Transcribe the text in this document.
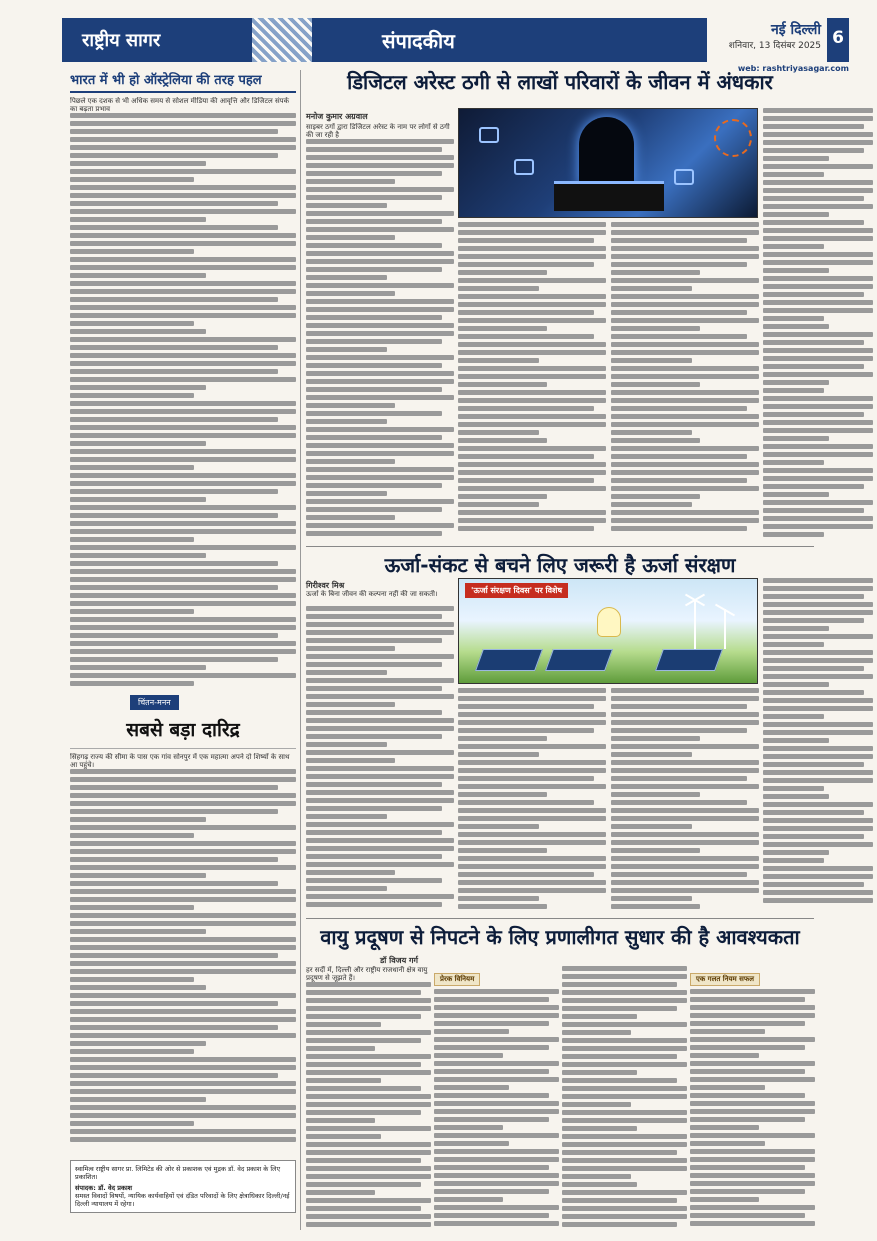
राष्ट्रीय सागर	संपादकीय	नई दिल्ली
शनिवार, 13 दिसंबर 2025 6
web: rashtriyasagar.com
भारत में भी हो ऑस्ट्रेलिया की तरह पहल
पिछले एक दशक से भी अधिक समय से सोशल मीडिया की आवृत्ति और डिजिटल संपर्क का बढ़ता प्रभाव
चिंतन-मनन
सबसे बड़ा दारिद्र
सिंहगढ़ राज्य की सीमा के पास एक गांव सोनपुर में एक महात्मा अपने दो शिष्यों के साथ आ पहुंचे।
स्वामित्व राष्ट्रीय सागर प्रा. लिमिटेड की ओर से प्रकाशक एवं मुद्रक डॉ. वेद प्रकाश के लिए प्रकाशित।
संपादक: डॉ. वेद प्रकाश
समस्त विवादों विषयों, न्यायिक कार्यवाहियों एवं दंडित परिवादों के लिए क्षेत्राधिकार दिल्ली/नई दिल्ली न्यायालय में रहेगा।
डिजिटल अरेस्ट ठगी से लाखों परिवारों के जीवन में अंधकार
मनोज कुमार अग्रवाल
साइबर ठगों द्वारा डिजिटल अरेस्ट के नाम पर लोगों से ठगी की जा रही है
ऊर्जा-संकट से बचने लिए जरूरी है ऊर्जा संरक्षण
गिरीश्वर मिश्र
ऊर्जा के बिना जीवन की कल्पना नहीं की जा सकती।	'ऊर्जा संरक्षण दिवस' पर विशेष
वायु प्रदूषण से निपटने के लिए प्रणालीगत सुधार की है आवश्यकता
डॉ विजय गर्ग
हर सर्दी में, दिल्ली और राष्ट्रीय राजधानी क्षेत्र वायु प्रदूषण से जूझते हैं।	प्रेरक विनियम	एक गलत नियम सफल
